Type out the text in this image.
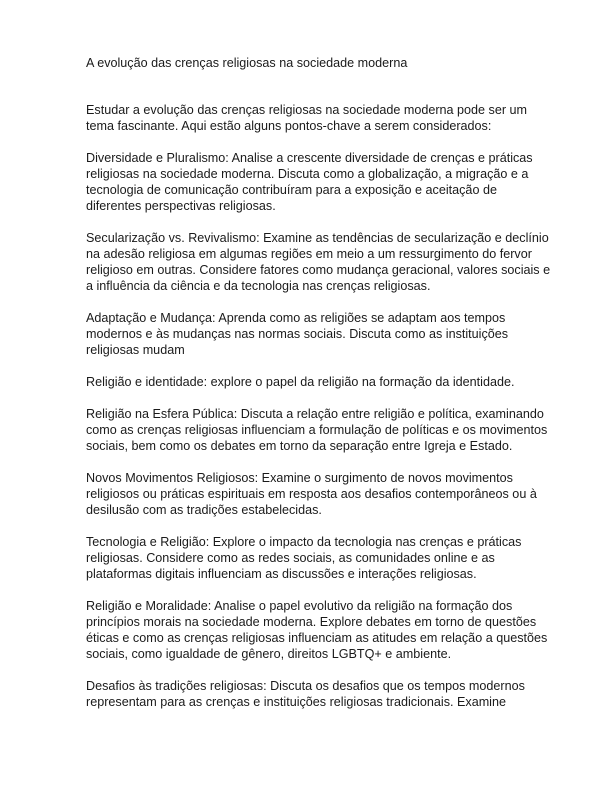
A evolução das crenças religiosas na sociedade moderna

Estudar a evolução das crenças religiosas na sociedade moderna pode ser um
tema fascinante. Aqui estão alguns pontos-chave a serem considerados:

Diversidade e Pluralismo: Analise a crescente diversidade de crenças e práticas
religiosas na sociedade moderna. Discuta como a globalização, a migração e a
tecnologia de comunicação contribuíram para a exposição e aceitação de
diferentes perspectivas religiosas.

Secularização vs. Revivalismo: Examine as tendências de secularização e declínio
na adesão religiosa em algumas regiões em meio a um ressurgimento do fervor
religioso em outras. Considere fatores como mudança geracional, valores sociais e
a influência da ciência e da tecnologia nas crenças religiosas.

Adaptação e Mudança: Aprenda como as religiões se adaptam aos tempos
modernos e às mudanças nas normas sociais. Discuta como as instituições
religiosas mudam

Religião e identidade: explore o papel da religião na formação da identidade.

Religião na Esfera Pública: Discuta a relação entre religião e política, examinando
como as crenças religiosas influenciam a formulação de políticas e os movimentos
sociais, bem como os debates em torno da separação entre Igreja e Estado.

Novos Movimentos Religiosos: Examine o surgimento de novos movimentos
religiosos ou práticas espirituais em resposta aos desafios contemporâneos ou à
desilusão com as tradições estabelecidas.

Tecnologia e Religião: Explore o impacto da tecnologia nas crenças e práticas
religiosas. Considere como as redes sociais, as comunidades online e as
plataformas digitais influenciam as discussões e interações religiosas.

Religião e Moralidade: Analise o papel evolutivo da religião na formação dos
princípios morais na sociedade moderna. Explore debates em torno de questões
éticas e como as crenças religiosas influenciam as atitudes em relação a questões
sociais, como igualdade de gênero, direitos LGBTQ+ e ambiente.

Desafios às tradições religiosas: Discuta os desafios que os tempos modernos
representam para as crenças e instituições religiosas tradicionais. Examine
